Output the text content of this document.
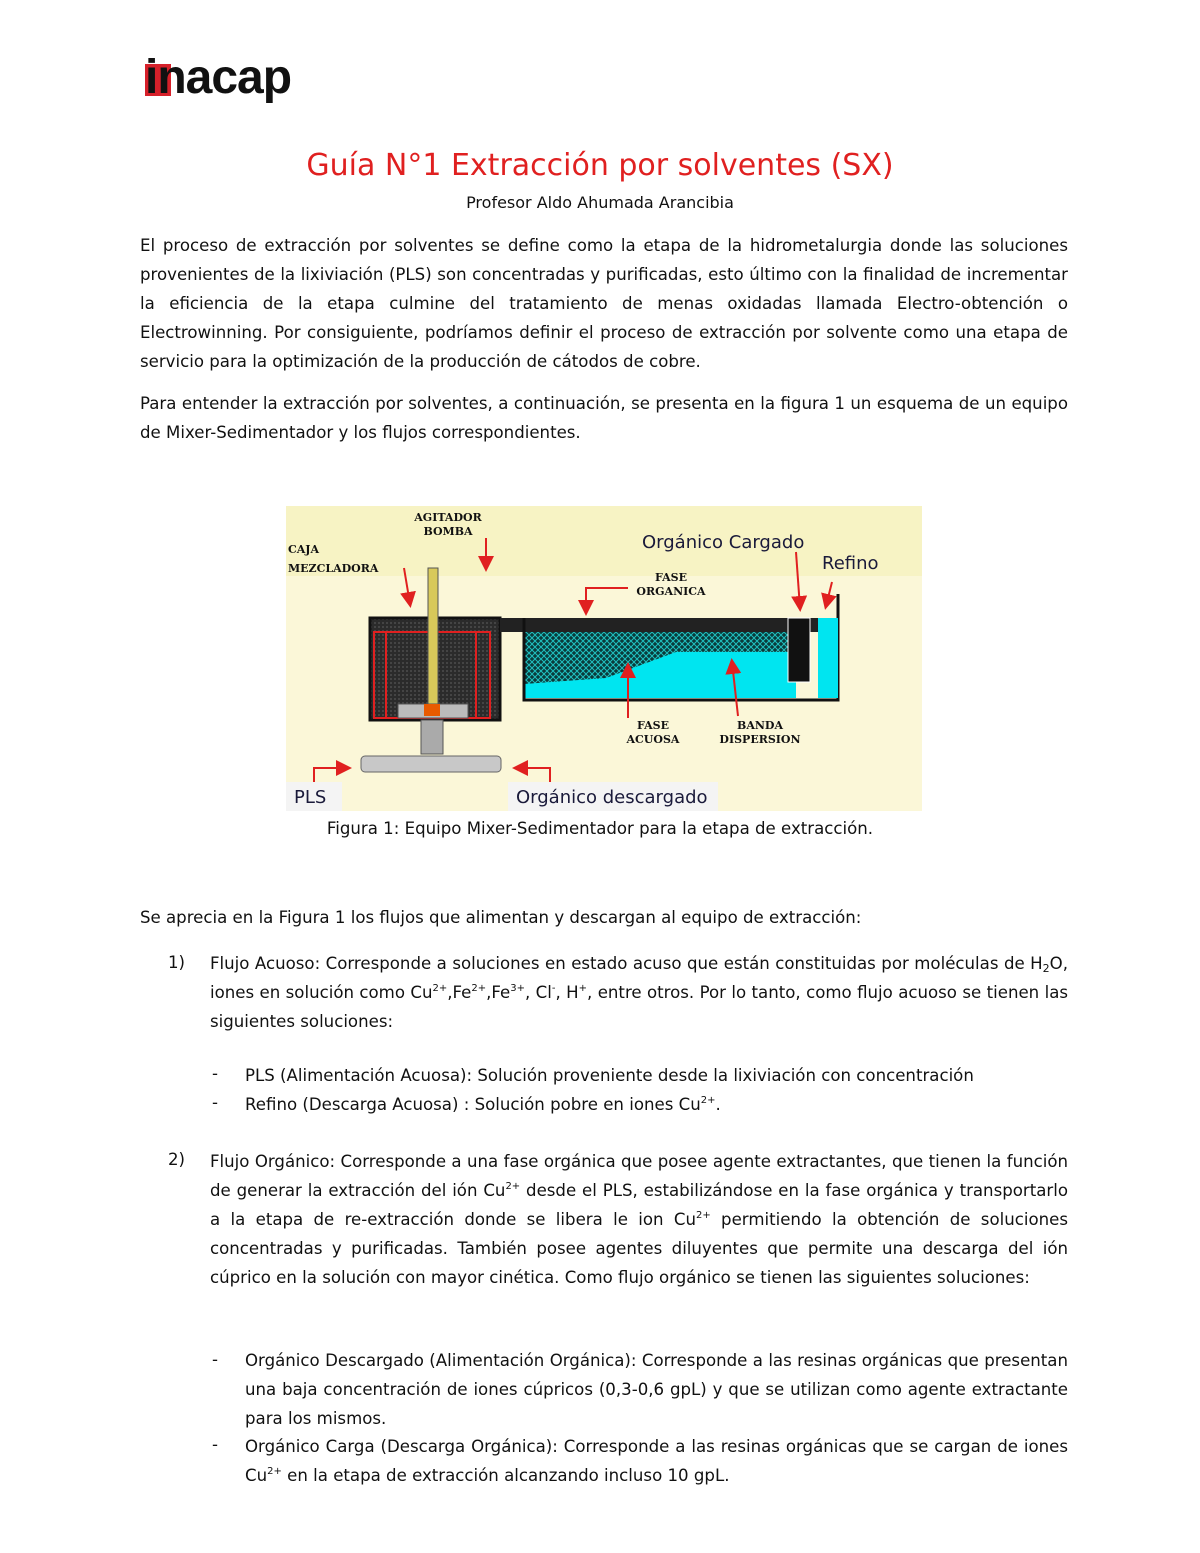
inacap
Guía N°1 Extracción por solventes (SX)
Profesor Aldo Ahumada Arancibia
El proceso de extracción por solventes se define como la etapa de la hidrometalurgia donde las soluciones provenientes de la lixiviación (PLS) son concentradas y purificadas, esto último con la finalidad de incrementar la eficiencia de la etapa culmine del tratamiento de menas oxidadas llamada Electro-obtención o Electrowinning. Por consiguiente, podríamos definir el proceso de extracción por solvente como una etapa de servicio para la optimización de la producción de cátodos de cobre.
Para entender la extracción por solventes, a continuación, se presenta en la figura 1 un esquema de un equipo de Mixer-Sedimentador y los flujos correspondientes.
AGITADOR
BOMBA
CAJA
MEZCLADORA
Orgánico Cargado
Refino
FASE
ORGANICA
FASE
ACUOSA
BANDA
DISPERSION
PLS	Orgánico descargado
Figura 1: Equipo Mixer-Sedimentador para la etapa de extracción.
Se aprecia en la Figura 1 los flujos que alimentan y descargan al equipo de extracción:
1) Flujo Acuoso: Corresponde a soluciones en estado acuso que están constituidas por moléculas de $H_2O$, iones en solución como $Cu^{2+},Fe^{2+},Fe^{3+}$, Cl-, H+, entre otros. Por lo tanto, como flujo acuoso se tienen las siguientes soluciones:
- PLS (Alimentación Acuosa): Solución proveniente desde la lixiviación con concentración
- Refino (Descarga Acuosa) : Solución pobre en iones $Cu^{2+}$.
2) Flujo Orgánico: Corresponde a una fase orgánica que posee agente extractantes, que tienen la función de generar la extracción del ión $Cu^{2+}$ desde el PLS, estabilizándose en la fase orgánica y transportarlo a la etapa de re-extracción donde se libera le ion $Cu^{2+}$ permitiendo la obtención de soluciones concentradas y purificadas. También posee agentes diluyentes que permite una descarga del ión cúprico en la solución con mayor cinética. Como flujo orgánico se tienen las siguientes soluciones:
- Orgánico Descargado (Alimentación Orgánica): Corresponde a las resinas orgánicas que presentan una baja concentración de iones cúpricos (0,3-0,6 gpL) y que se utilizan como agente extractante para los mismos.
- Orgánico Carga (Descarga Orgánica): Corresponde a las resinas orgánicas que se cargan de iones $Cu^{2+}$ en la etapa de extracción alcanzando incluso 10 gpL.
